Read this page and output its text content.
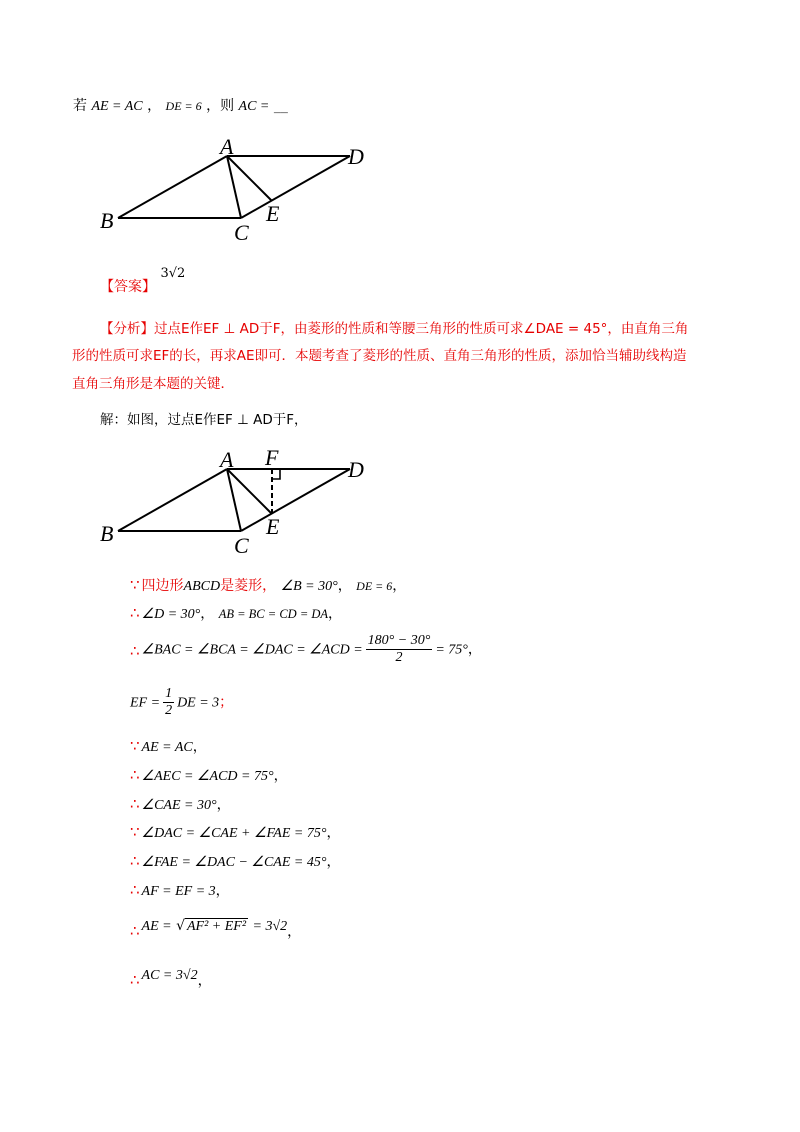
若 AE = AC ， DE = 6 ，则 AC = __
A
B	C
D
E
【答案】 3√2
【分析】过点E作EF ⊥ AD于F，由菱形的性质和等腰三角形的性质可求∠DAE = 45°，由直角三角
形的性质可求EF的长，再求AE即可．本题考查了菱形的性质、直角三角形的性质，添加恰当辅助线构造
直角三角形是本题的关键．
解：如图，过点E作EF ⊥ AD于F，
A F
B	C
D
E
∵ 四边形ABCD是菱形， ∠B = 30°， DE = 6，
∴ ∠D = 30°， AB = BC = CD = DA，
∴ ∠BAC = ∠BCA = ∠DAC = ∠ACD = $\frac{180^\circ - 30^\circ}{2} = 75^\circ$，
EF = $\frac{1}{2}$ DE = 3；
∵ AE = AC，
∴ ∠AEC = ∠ACD = 75°，
∴ ∠CAE = 30°，
∵ ∠DAC = ∠CAE + ∠FAE = 75°，
∴ ∠FAE = ∠DAC − ∠CAE = 45°，
∴ AF = EF = 3，
∴ AE = √ AF² + EF² = 3√2，
∴ AC = 3√2，
